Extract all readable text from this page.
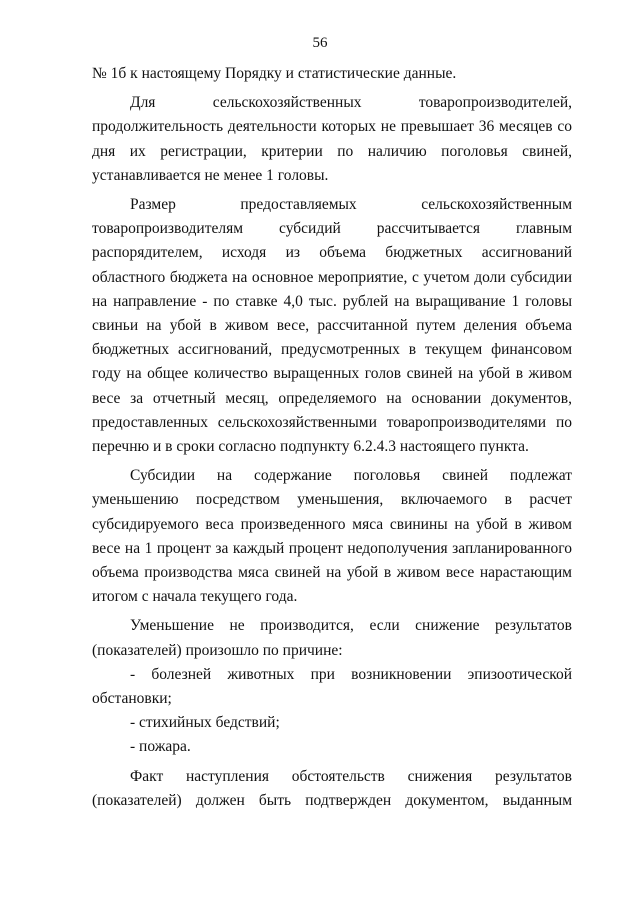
56

№ 1б к настоящему Порядку и статистические данные.

Для сельскохозяйственных товаропроизводителей, продолжительность деятельности которых не превышает 36 месяцев со дня их регистрации, критерии по наличию поголовья свиней, устанавливается не менее 1 головы.

Размер предоставляемых сельскохозяйственным товаропроизводителям субсидий рассчитывается главным распорядителем, исходя из объема бюджетных ассигнований областного бюджета на основное мероприятие, с учетом доли субсидии на направление - по ставке 4,0 тыс. рублей на выращивание 1 головы свиньи на убой в живом весе, рассчитанной путем деления объема бюджетных ассигнований, предусмотренных в текущем финансовом году на общее количество выращенных голов свиней на убой в живом весе за отчетный месяц, определяемого на основании документов, предоставленных сельскохозяйственными товаропроизводителями по перечню и в сроки согласно подпункту 6.2.4.3 настоящего пункта.

Субсидии на содержание поголовья свиней подлежат уменьшению посредством уменьшения, включаемого в расчет субсидируемого веса произведенного мяса свинины на убой в живом весе на 1 процент за каждый процент недополучения запланированного объема производства мяса свиней на убой в живом весе нарастающим итогом с начала текущего года.

Уменьшение не производится, если снижение результатов (показателей) произошло по причине:

- болезней животных при возникновении эпизоотической обстановки;

- стихийных бедствий;

- пожара.

Факт наступления обстоятельств снижения результатов (показателей) должен быть подтвержден документом, выданным
